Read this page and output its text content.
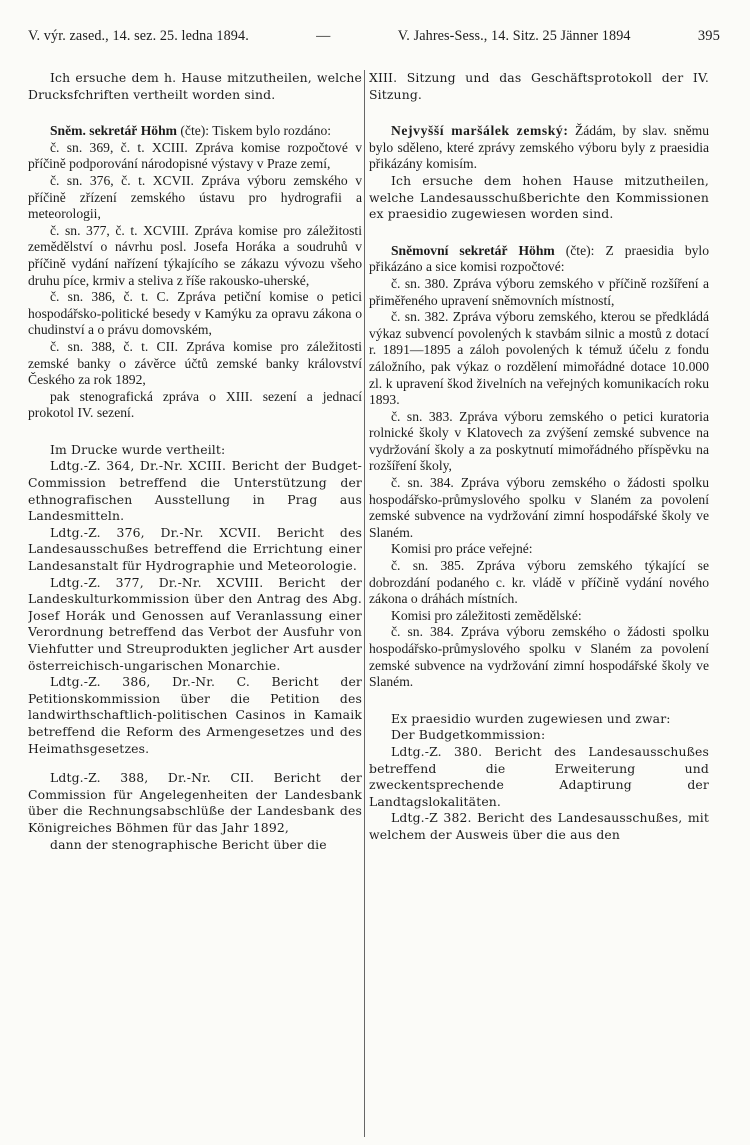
V. výr. zased., 14. sez. 25. ledna 1894.	—	V. Jahres-Sess., 14. Sitz. 25 Jänner 1894	395

Ich ersuche dem h. Hause mitzutheilen, welche Drucksfchriften vertheilt worden sind.

Sněm. sekretář Höhm (čte): Tiskem bylo rozdáno:

č. sn. 369, č. t. XCIII. Zpráva komise rozpočtové v příčině podporování národopisné výstavy v Praze zemí,

č. sn. 376, č. t. XCVII. Zpráva výboru zemského v příčině zřízení zemského ústavu pro hydrografii a meteorologii,

č. sn. 377, č. t. XCVIII. Zpráva komise pro záležitosti zemědělství o návrhu posl. Josefa Horáka a soudruhů v příčině vydání nařízení týkajícího se zákazu vývozu všeho druhu píce, krmiv a steliva z říše rakousko-uherské,

č. sn. 386, č. t. C. Zpráva petiční komise o petici hospodářsko-politické besedy v Kamýku za opravu zákona o chudinství a o právu domovském,

č. sn. 388, č. t. CII. Zpráva komise pro záležitosti zemské banky o závěrce účtů zemské banky království Českého za rok 1892,

pak stenografická zpráva o XIII. sezení a jednací prokotol IV. sezení.

Im Drucke wurde vertheilt:

Ldtg.-Z. 364, Dr.-Nr. XCIII. Bericht der Budget-Commission betreffend die Unterstützung der ethnografischen Ausstellung in Prag aus Landesmitteln.

Ldtg.-Z. 376, Dr.-Nr. XCVII. Bericht des Landesausschußes betreffend die Errichtung einer Landesanstalt für Hydrographie und Meteorologie.

Ldtg.-Z. 377, Dr.-Nr. XCVIII. Bericht der Landeskulturkommission über den Antrag des Abg. Josef Horák und Genossen auf Veranlassung einer Verordnung betreffend das Verbot der Ausfuhr von Viehfutter und Streuprodukten jeglicher Art ausder österreichisch-ungarischen Monarchie.

Ldtg.-Z. 386, Dr.-Nr. C. Bericht der Petitionskommission über die Petition des landwirthschaftlich-politischen Casinos in Kamaik betreffend die Reform des Armengesetzes und des Heimathsgesetzes.

Ldtg.-Z. 388, Dr.-Nr. CII. Bericht der Commission für Angelegenheiten der Landesbank über die Rechnungsabschlüße der Landesbank des Königreiches Böhmen für das Jahr 1892,

dann der stenographische Bericht über die

XIII. Sitzung und das Geschäftsprotokoll der IV. Sitzung.

Nejvyšší maršálek zemský: Žádám, by slav. sněmu bylo sděleno, které zprávy zemského výboru byly z praesidia přikázány komisím.

Ich ersuche dem hohen Hause mitzutheilen, welche Landesausschußberichte den Kommissionen ex praesidio zugewiesen worden sind.

Sněmovní sekretář Höhm (čte): Z praesidia bylo přikázáno a sice komisi rozpočtové:

č. sn. 380. Zpráva výboru zemského v příčině rozšíření a přiměřeného upravení sněmovních místností,

č. sn. 382. Zpráva výboru zemského, kterou se předkládá výkaz subvencí povolených k stavbám silnic a mostů z dotací r. 1891—1895 a záloh povolených k témuž účelu z fondu záložního, pak výkaz o rozdělení mimořádné dotace 10.000 zl. k upravení škod živelních na veřejných komunikacích roku 1893.

č. sn. 383. Zpráva výboru zemského o petici kuratoria rolnické školy v Klatovech za zvýšení zemské subvence na vydržování školy a za poskytnutí mimořádného příspěvku na rozšíření školy,

č. sn. 384. Zpráva výboru zemského o žádosti spolku hospodářsko-průmyslového spolku v Slaném za povolení zemské subvence na vydržování zimní hospodářské školy ve Slaném.

Komisi pro práce veřejné:

č. sn. 385. Zpráva výboru zemského týkající se dobrozdání podaného c. kr. vládě v příčině vydání nového zákona o dráhách místních.

Komisi pro záležitosti zemědělské:

č. sn. 384. Zpráva výboru zemského o žádosti spolku hospodářsko-průmyslového spolku v Slaném za povolení zemské subvence na vydržování zimní hospodářské školy ve Slaném.

Ex praesidio wurden zugewiesen und zwar:

Der Budgetkommission:

Ldtg.-Z. 380. Bericht des Landesausschußes betreffend die Erweiterung und zweckentsprechende Adaptirung der Landtagslokalitäten.

Ldtg.-Z 382. Bericht des Landesausschußes, mit welchem der Ausweis über die aus den
